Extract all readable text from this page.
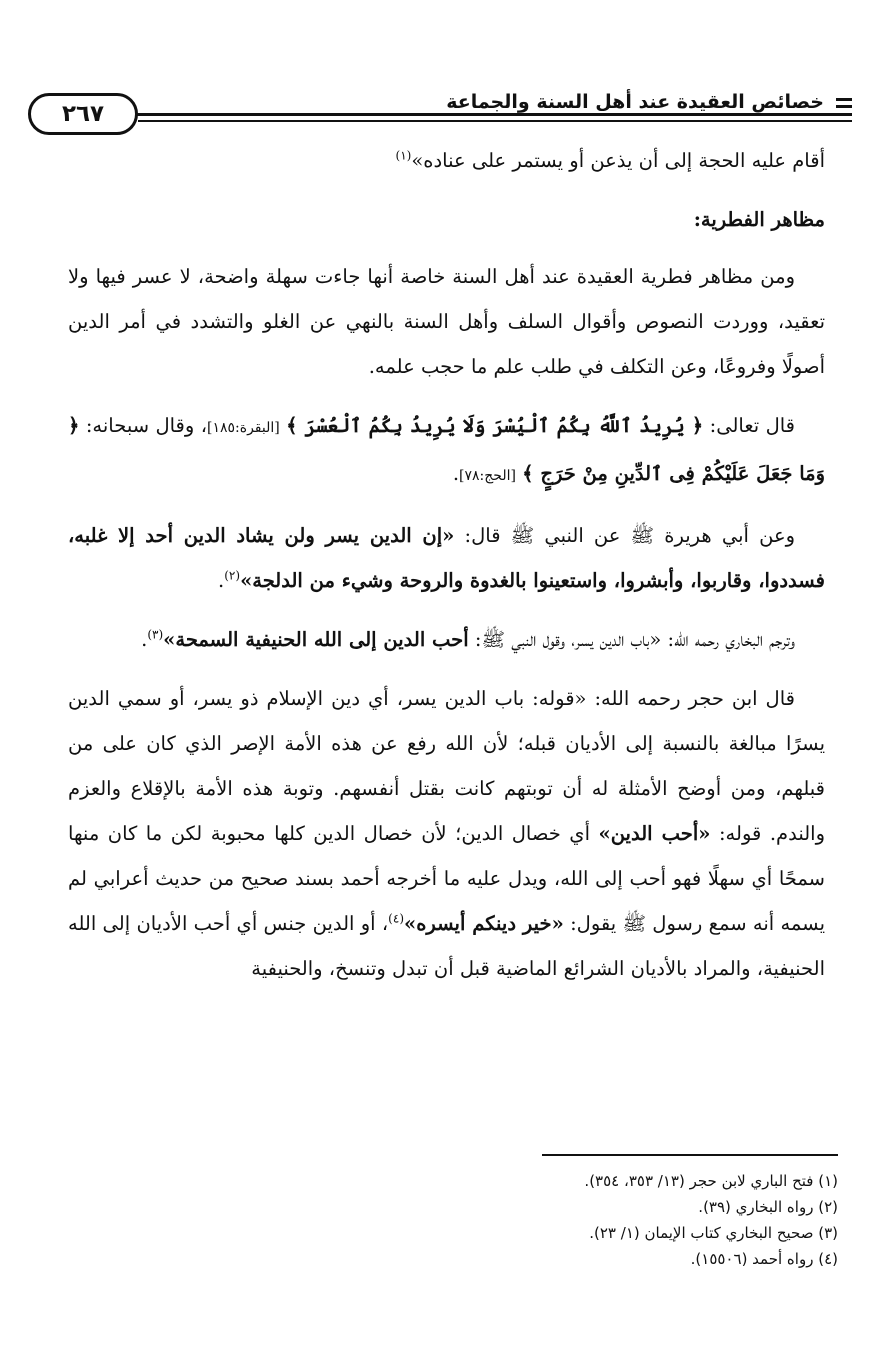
٢٦٧	خصائص العقيدة عند أهل السنة والجماعة

أقام عليه الحجة إلى أن يذعن أو يستمر على عناده»$^{(١)}$

مظاهر الفطرية:

ومن مظاهر فطرية العقيدة عند أهل السنة خاصة أنها جاءت سهلة واضحة، لا عسر فيها ولا تعقيد، ووردت النصوص وأقوال السلف وأهل السنة بالنهي عن الغلو والتشدد في أمر الدين أصولًا وفروعًا، وعن التكلف في طلب علم ما حجب علمه.

قال تعالى: ﴿ يُرِيدُ ٱللَّهُ بِكُمُ ٱلْيُسْرَ وَلَا يُرِيدُ بِكُمُ ٱلْعُسْرَ ﴾ [البقرة:١٨٥]، وقال سبحانه: ﴿ وَمَا جَعَلَ عَلَيْكُمْ فِى ٱلدِّينِ مِنْ حَرَجٍ ﴾ [الحج:٧٨].

وعن أبي هريرة ﷺ عن النبي ﷺ قال: «إن الدين يسر ولن يشاد الدين أحد إلا غلبه، فسددوا، وقاربوا، وأبشروا، واستعينوا بالغدوة والروحة وشيء من الدلجة»$^{(٢)}$.

وترجم البخاري رحمه الله: «باب الدين يسر، وقول النبي ﷺ: أحب الدين إلى الله الحنيفية السمحة»$^{(٣)}$.

قال ابن حجر رحمه الله: «قوله: باب الدين يسر، أي دين الإسلام ذو يسر، أو سمي الدين يسرًا مبالغة بالنسبة إلى الأديان قبله؛ لأن الله رفع عن هذه الأمة الإصر الذي كان على من قبلهم، ومن أوضح الأمثلة له أن توبتهم كانت بقتل أنفسهم. وتوبة هذه الأمة بالإقلاع والعزم والندم. قوله: «أحب الدين» أي خصال الدين؛ لأن خصال الدين كلها محبوبة لكن ما كان منها سمحًا أي سهلًا فهو أحب إلى الله، ويدل عليه ما أخرجه أحمد بسند صحيح من حديث أعرابي لم يسمه أنه سمع رسول ﷺ يقول: «خير دينكم أيسره»$^{(٤)}$، أو الدين جنس أي أحب الأديان إلى الله الحنيفية، والمراد بالأديان الشرائع الماضية قبل أن تبدل وتنسخ، والحنيفية

(١) فتح الباري لابن حجر (١٣/ ٣٥٣، ٣٥٤).
(٢) رواه البخاري (٣٩).
(٣) صحيح البخاري كتاب الإيمان (١/ ٢٣).
(٤) رواه أحمد (١٥٥٠٦).
